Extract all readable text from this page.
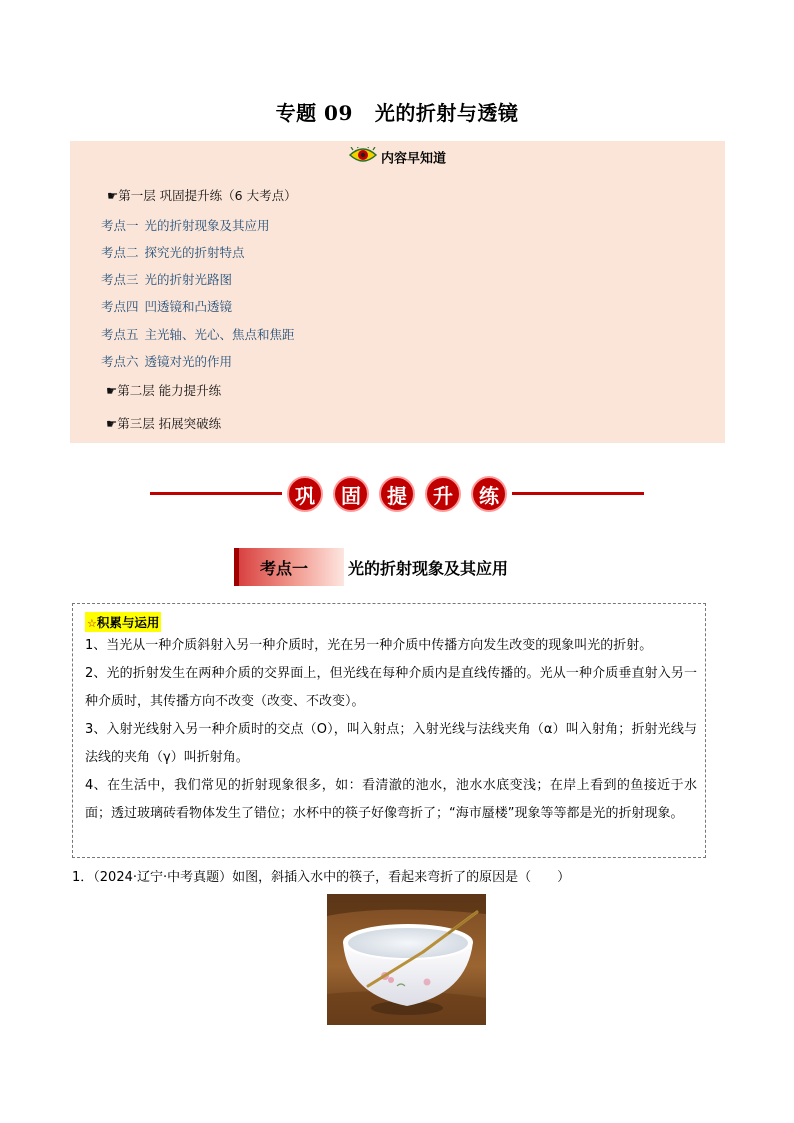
专题 09 光的折射与透镜
内容早知道
☛第一层 巩固提升练（6 大考点）
考点一 光的折射现象及其应用
考点二 探究光的折射特点
考点三 光的折射光路图
考点四 凹透镜和凸透镜
考点五 主光轴、光心、焦点和焦距
考点六 透镜对光的作用
☛第二层 能力提升练
☛第三层 拓展突破练
巩	固	提	升	练
考点一	光的折射现象及其应用
☆积累与运用

1、当光从一种介质斜射入另一种介质时，光在另一种介质中传播方向发生改变的现象叫光的折射。

2、光的折射发生在两种介质的交界面上，但光线在每种介质内是直线传播的。光从一种介质垂直射入另一种介质时，其传播方向不改变（改变、不改变）。

3、入射光线射入另一种介质时的交点（O），叫入射点；入射光线与法线夹角（α）叫入射角；折射光线与法线的夹角（γ）叫折射角。

4、在生活中，我们常见的折射现象很多，如：看清澈的池水，池水水底变浅；在岸上看到的鱼接近于水面；透过玻璃砖看物体发生了错位；水杯中的筷子好像弯折了；“海市蜃楼”现象等等都是光的折射现象。

1．（2024·辽宁·中考真题）如图，斜插入水中的筷子，看起来弯折了的原因是（　　）
